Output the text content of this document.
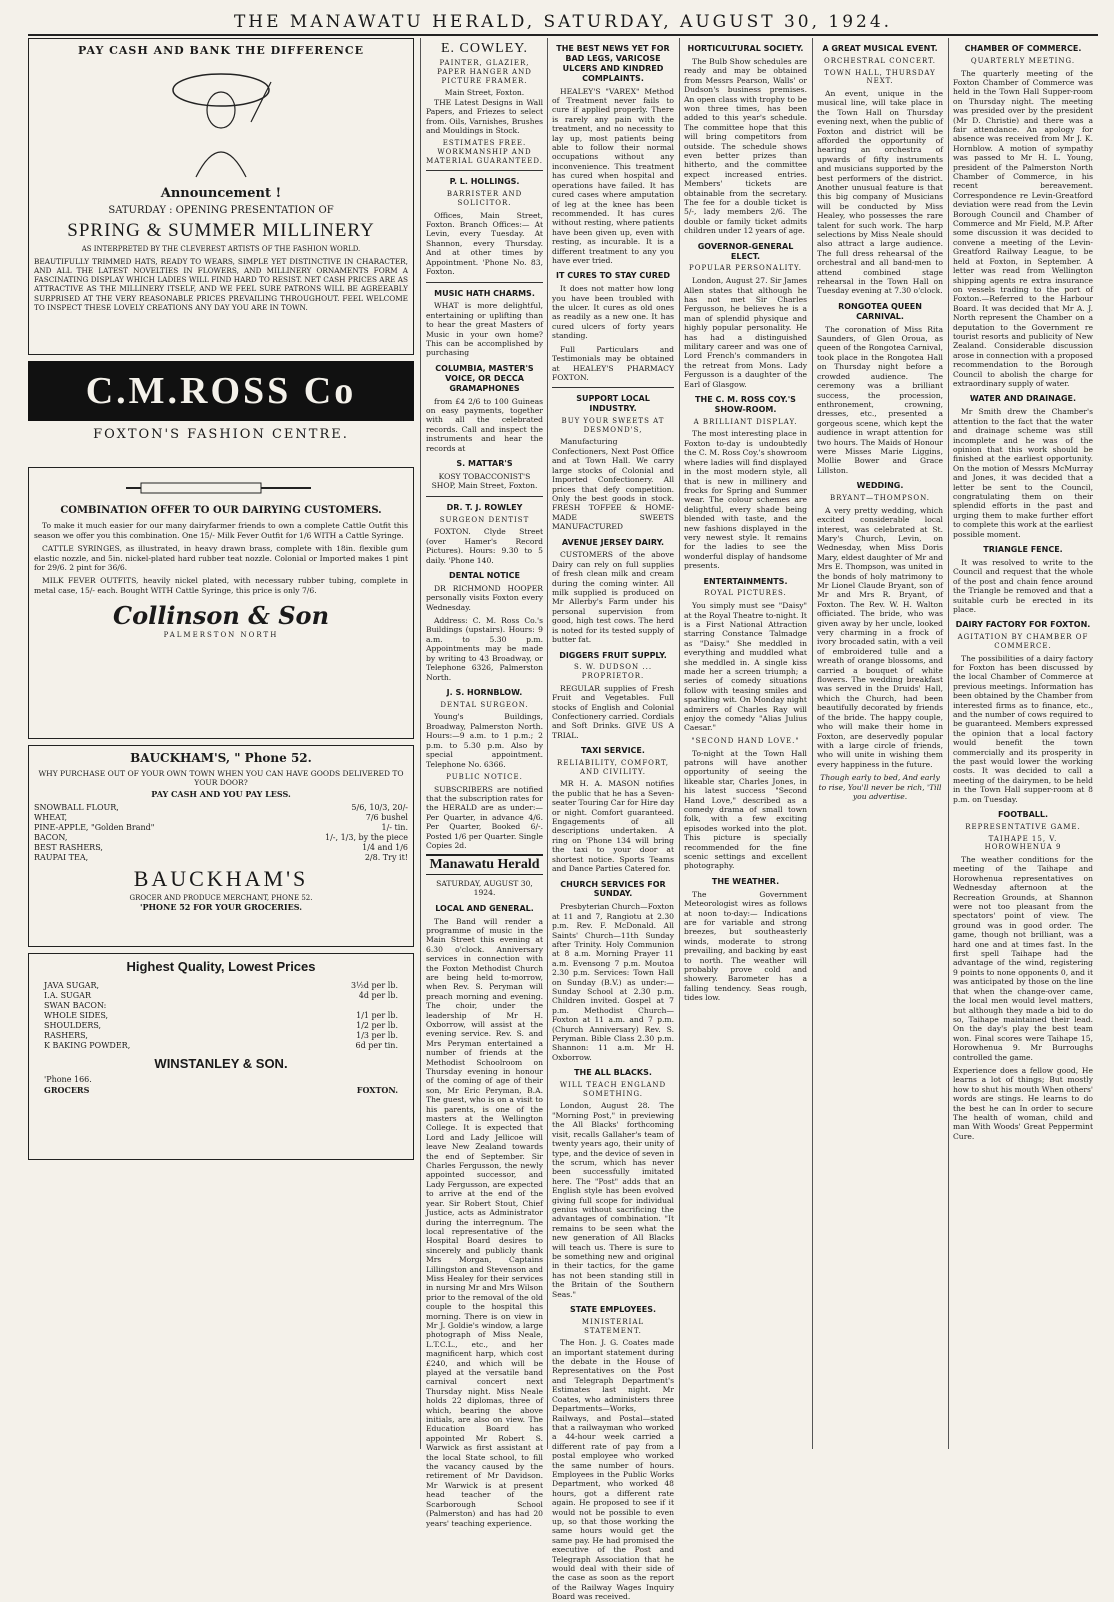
THE MANAWATU HERALD, SATURDAY, AUGUST 30, 1924.
PAY CASH AND BANK THE DIFFERENCE
Announcement !
SATURDAY : OPENING PRESENTATION OF
SPRING & SUMMER MILLINERY
AS INTERPRETED BY THE CLEVEREST ARTISTS OF THE FASHION WORLD.

BEAUTIFULLY TRIMMED HATS, READY TO WEARS, SIMPLE YET DISTINCTIVE IN CHARACTER, AND ALL THE LATEST NOVELTIES IN FLOWERS, AND MILLINERY ORNAMENTS FORM A FASCINATING DISPLAY WHICH LADIES WILL FIND HARD TO RESIST. NET CASH PRICES ARE AS ATTRACTIVE AS THE MILLINERY ITSELF, AND WE FEEL SURE PATRONS WILL BE AGREEABLY SURPRISED AT THE VERY REASONABLE PRICES PREVAILING THROUGHOUT. FEEL WELCOME TO INSPECT THESE LOVELY CREATIONS ANY DAY YOU ARE IN TOWN.

C.M.ROSS Co
FOXTON'S FASHION CENTRE.
COMBINATION OFFER TO OUR DAIRYING CUSTOMERS.

To make it much easier for our many dairyfarmer friends to own a complete Cattle Outfit this season we offer you this combination. One 15/- Milk Fever Outfit for 1/6 WITH a Cattle Syringe.

CATTLE SYRINGES, as illustrated, in heavy drawn brass, complete with 18in. flexible gum elastic nozzle, and 5in. nickel-plated hard rubber teat nozzle. Colonial or Imported makes 1 pint for 29/6. 2 pint for 36/6.

MILK FEVER OUTFITS, heavily nickel plated, with necessary rubber tubing, complete in metal case, 15/- each. Bought WITH Cattle Syringe, this price is only 7/6.

Collinson & Son
PALMERSTON NORTH
BAUCKHAM'S, " Phone 52.
WHY PURCHASE OUT OF YOUR OWN TOWN WHEN YOU CAN HAVE GOODS DELIVERED TO YOUR DOOR?
PAY CASH AND YOU PAY LESS.
SNOWBALL FLOUR,	5/6, 10/3, 20/-
WHEAT,	7/6 bushel
PINE-APPLE, "Golden Brand"	1/- tin.
BACON,	1/-, 1/3, by the piece
BEST RASHERS,	1/4 and 1/6
RAUPAI TEA,	2/8. Try it!
BAUCKHAM'S
GROCER AND PRODUCE MERCHANT, PHONE 52.
'PHONE 52 FOR YOUR GROCERIES.
Highest Quality, Lowest Prices
JAVA SUGAR,	3½d per lb.
I.A. SUGAR	4d per lb.
SWAN BACON:
WHOLE SIDES,	1/1 per lb.
SHOULDERS,	1/2 per lb.
RASHERS,	1/3 per lb.
K BAKING POWDER,	6d per tin.
WINSTANLEY & SON.
'Phone 166.
GROCERS	FOXTON.
E. COWLEY.
PAINTER, GLAZIER, PAPER HANGER AND PICTURE FRAMER.
Main Street, Foxton.

THE Latest Designs in Wall Papers, and Friezes to select from. Oils, Varnishes, Brushes and Mouldings in Stock.

ESTIMATES FREE. WORKMANSHIP AND MATERIAL GUARANTEED.
P. L. HOLLINGS.
BARRISTER AND SOLICITOR.

Offices, Main Street, Foxton. Branch Offices:— At Levin, every Tuesday. At Shannon, every Thursday. And at other times by Appointment. 'Phone No. 83, Foxton.

MUSIC HATH CHARMS.

WHAT is more delightful, entertaining or uplifting than to hear the great Masters of Music in your own home? This can be accomplished by purchasing

COLUMBIA, MASTER'S VOICE, OR DECCA GRAMAPHONES

from £4 2/6 to 100 Guineas on easy payments, together with all the celebrated records. Call and inspect the instruments and hear the records at

S. MATTAR'S
KOSY TOBACCONIST'S SHOP, Main Street, Foxton.
DR. T. J. ROWLEY
SURGEON DENTIST

FOXTON. Clyde Street (over Hamer's Record Pictures). Hours: 9.30 to 5 daily. 'Phone 140.

DENTAL NOTICE

DR RICHMOND HOOPER personally visits Foxton every Wednesday.

Address: C. M. Ross Co.'s Buildings (upstairs). Hours: 9 a.m. to 5.30 p.m. Appointments may be made by writing to 43 Broadway, or Telephone 6326, Palmerston North.

J. S. HORNBLOW.
DENTAL SURGEON.

Young's Buildings, Broadway, Palmerston North. Hours:—9 a.m. to 1 p.m.; 2 p.m. to 5.30 p.m. Also by special appointment. Telephone No. 6366.

PUBLIC NOTICE.

SUBSCRIBERS are notified that the subscription rates for the HERALD are as under:— Per Quarter, in advance 4/6. Per Quarter, Booked 6/-. Posted 1/6 per Quarter. Single Copies 2d.

Manawatu Herald
SATURDAY, AUGUST 30, 1924.
LOCAL AND GENERAL.

The Band will render a programme of music in the Main Street this evening at 6.30 o'clock. Anniversary services in connection with the Foxton Methodist Church are being held to-morrow, when Rev. S. Peryman will preach morning and evening. The choir, under the leadership of Mr H. Oxborrow, will assist at the evening service. Rev. S. and Mrs Peryman entertained a number of friends at the Methodist Schoolroom on Thursday evening in honour of the coming of age of their son, Mr Eric Peryman, B.A. The guest, who is on a visit to his parents, is one of the masters at the Wellington College. It is expected that Lord and Lady Jellicoe will leave New Zealand towards the end of September. Sir Charles Fergusson, the newly appointed successor, and Lady Fergusson, are expected to arrive at the end of the year. Sir Robert Stout, Chief Justice, acts as Administrator during the interregnum. The local representative of the Hospital Board desires to sincerely and publicly thank Mrs Morgan, Captains Lillingston and Stevenson and Miss Healey for their services in nursing Mr and Mrs Wilson prior to the removal of the old couple to the hospital this morning. There is on view in Mr J. Goldie's window, a large photograph of Miss Neale, L.T.C.L., etc., and her magnificent harp, which cost £240, and which will be played at the versatile band carnival concert next Thursday night. Miss Neale holds 22 diplomas, three of which, bearing the above initials, are also on view. The Education Board has appointed Mr Robert S. Warwick as first assistant at the local State school, to fill the vacancy caused by the retirement of Mr Davidson. Mr Warwick is at present head teacher of the Scarborough School (Palmerston) and has had 20 years' teaching experience.

THE BEST NEWS YET FOR BAD LEGS, VARICOSE ULCERS AND KINDRED COMPLAINTS.

HEALEY'S "VAREX" Method of Treatment never fails to cure if applied properly. There is rarely any pain with the treatment, and no necessity to lay up, most patients being able to follow their normal occupations without any inconvenience. This treatment has cured when hospital and operations have failed. It has cured cases where amputation of leg at the knee has been recommended. It has cures without resting, where patients have been given up, even with resting, as incurable. It is a different treatment to any you have ever tried.

IT CURES TO STAY CURED

It does not matter how long you have been troubled with the ulcer. It cures as old ones as readily as a new one. It has cured ulcers of forty years standing.

Full Particulars and Testimonials may be obtained at HEALEY'S PHARMACY FOXTON.

SUPPORT LOCAL INDUSTRY.
BUY YOUR SWEETS AT DESMOND'S,

Manufacturing Confectioners, Next Post Office and at Town Hall. We carry large stocks of Colonial and Imported Confectionery. All prices that defy competition. Only the best goods in stock. FRESH TOFFEE & HOME-MADE SWEETS MANUFACTURED

AVENUE JERSEY DAIRY.

CUSTOMERS of the above Dairy can rely on full supplies of fresh clean milk and cream during the coming winter. All milk supplied is produced on Mr Allerby's Farm under his personal supervision from good, high test cows. The herd is noted for its tested supply of butter fat.

DIGGERS FRUIT SUPPLY.
S. W. DUDSON ... PROPRIETOR.

REGULAR supplies of Fresh Fruit and Vegetables. Full stocks of English and Colonial Confectionery carried. Cordials and Soft Drinks. GIVE US A TRIAL.

TAXI SERVICE.
RELIABILITY, COMFORT, AND CIVILITY.

MR H. A. MASON notifies the public that he has a Seven-seater Touring Car for Hire day or night. Comfort guaranteed. Engagements of all descriptions undertaken. A ring on 'Phone 134 will bring the taxi to your door at shortest notice. Sports Teams and Dance Parties Catered for.

CHURCH SERVICES FOR SUNDAY.

Presbyterian Church—Foxton at 11 and 7, Rangiotu at 2.30 p.m. Rev. F. McDonald. All Saints' Church—11th Sunday after Trinity. Holy Communion at 8 a.m. Morning Prayer 11 a.m. Evensong 7 p.m. Moutoa 2.30 p.m. Services: Town Hall on Sunday (B.V.) as under:—Sunday School at 2.30 p.m. Children invited. Gospel at 7 p.m. Methodist Church—Foxton at 11 a.m. and 7 p.m. (Church Anniversary) Rev. S. Peryman. Bible Class 2.30 p.m. Shannon: 11 a.m. Mr H. Oxborrow.

THE ALL BLACKS.
WILL TEACH ENGLAND SOMETHING.

London, August 28. The "Morning Post," in previewing the All Blacks' forthcoming visit, recalls Gallaher's team of twenty years ago, their unity of type, and the device of seven in the scrum, which has never been successfully imitated here. The "Post" adds that an English style has been evolved giving full scope for individual genius without sacrificing the advantages of combination. "It remains to be seen what the new generation of All Blacks will teach us. There is sure to be something new and original in their tactics, for the game has not been standing still in the Britain of the Southern Seas."

STATE EMPLOYEES.
MINISTERIAL STATEMENT.

The Hon. J. G. Coates made an important statement during the debate in the House of Representatives on the Post and Telegraph Department's Estimates last night. Mr Coates, who administers three Departments—Works, Railways, and Postal—stated that a railwayman who worked a 44-hour week carried a different rate of pay from a postal employee who worked the same number of hours. Employees in the Public Works Department, who worked 48 hours, got a different rate again. He proposed to see if it would not be possible to even up, so that those working the same hours would get the same pay. He had promised the executive of the Post and Telegraph Association that he would deal with their side of the case as soon as the report of the Railway Wages Inquiry Board was received.

HORTICULTURAL SOCIETY.

The Bulb Show schedules are ready and may be obtained from Messrs Pearson, Walls' or Dudson's business premises. An open class with trophy to be won three times, has been added to this year's schedule. The committee hope that this will bring competitors from outside. The schedule shows even better prizes than hitherto, and the committee expect increased entries. Members' tickets are obtainable from the secretary. The fee for a double ticket is 5/-, lady members 2/6. The double or family ticket admits children under 12 years of age.

GOVERNOR-GENERAL ELECT.
POPULAR PERSONALITY.

London, August 27. Sir James Allen states that although he has not met Sir Charles Fergusson, he believes he is a man of splendid physique and highly popular personality. He has had a distinguished military career and was one of Lord French's commanders in the retreat from Mons. Lady Fergusson is a daughter of the Earl of Glasgow.

THE C. M. ROSS COY.'S SHOW-ROOM.
A BRILLIANT DISPLAY.

The most interesting place in Foxton to-day is undoubtedly the C. M. Ross Coy.'s showroom where ladies will find displayed in the most modern style, all that is new in millinery and frocks for Spring and Summer wear. The colour schemes are delightful, every shade being blended with taste, and the new fashions displayed in the very newest style. It remains for the ladies to see the wonderful display of handsome presents.

ENTERTAINMENTS.
ROYAL PICTURES.

You simply must see "Daisy" at the Royal Theatre to-night. It is a First National Attraction starring Constance Talmadge as "Daisy." She meddled in everything and muddled what she meddled in. A single kiss made her a screen triumph; a series of comedy situations follow with teasing smiles and sparkling wit. On Monday night admirers of Charles Ray will enjoy the comedy "Alias Julius Caesar."

"SECOND HAND LOVE."

To-night at the Town Hall patrons will have another opportunity of seeing the likeable star, Charles Jones, in his latest success "Second Hand Love," described as a comedy drama of small town folk, with a few exciting episodes worked into the plot. This picture is specially recommended for the fine scenic settings and excellent photography.

THE WEATHER.

The Government Meteorologist wires as follows at noon to-day:— Indications are for variable and strong breezes, but southeasterly winds, moderate to strong prevailing, and backing by east to north. The weather will probably prove cold and showery. Barometer has a falling tendency. Seas rough, tides low.

A GREAT MUSICAL EVENT.
ORCHESTRAL CONCERT.
TOWN HALL, THURSDAY NEXT.

An event, unique in the musical line, will take place in the Town Hall on Thursday evening next, when the public of Foxton and district will be afforded the opportunity of hearing an orchestra of upwards of fifty instruments and musicians supported by the best performers of the district. Another unusual feature is that this big company of Musicians will be conducted by Miss Healey, who possesses the rare talent for such work. The harp selections by Miss Neale should also attract a large audience. The full dress rehearsal of the orchestral and all band-men to attend combined stage rehearsal in the Town Hall on Tuesday evening at 7.30 o'clock.

RONGOTEA QUEEN CARNIVAL.

The coronation of Miss Rita Saunders, of Glen Oroua, as queen of the Rongotea Carnival, took place in the Rongotea Hall on Thursday night before a crowded audience. The ceremony was a brilliant success, the procession, enthronement, crowning, dresses, etc., presented a gorgeous scene, which kept the audience in wrapt attention for two hours. The Maids of Honour were Misses Marie Liggins, Mollie Bower and Grace Lillston.

WEDDING.
BRYANT—THOMPSON.

A very pretty wedding, which excited considerable local interest, was celebrated at St. Mary's Church, Levin, on Wednesday, when Miss Doris Mary, eldest daughter of Mr and Mrs E. Thompson, was united in the bonds of holy matrimony to Mr Lionel Claude Bryant, son of Mr and Mrs R. Bryant, of Foxton. The Rev. W. H. Walton officiated. The bride, who was given away by her uncle, looked very charming in a frock of ivory brocaded satin, with a veil of embroidered tulle and a wreath of orange blossoms, and carried a bouquet of white flowers. The wedding breakfast was served in the Druids' Hall, which the Church, had been beautifully decorated by friends of the bride. The happy couple, who will make their home in Foxton, are deservedly popular with a large circle of friends, who will unite in wishing them every happiness in the future.

Though early to bed, And early to rise, You'll never be rich, 'Till you advertise.

CHAMBER OF COMMERCE.
QUARTERLY MEETING.

The quarterly meeting of the Foxton Chamber of Commerce was held in the Town Hall Supper-room on Thursday night. The meeting was presided over by the president (Mr D. Christie) and there was a fair attendance. An apology for absence was received from Mr J. K. Hornblow. A motion of sympathy was passed to Mr H. L. Young, president of the Palmerston North Chamber of Commerce, in his recent bereavement. Correspondence re Levin-Greatford deviation were read from the Levin Borough Council and Chamber of Commerce and Mr Field, M.P. After some discussion it was decided to convene a meeting of the Levin-Greatford Railway League, to be held at Foxton, in September. A letter was read from Wellington shipping agents re extra insurance on vessels trading to the port of Foxton.—Referred to the Harbour Board. It was decided that Mr A. J. North represent the Chamber on a deputation to the Government re tourist resorts and publicity of New Zealand. Considerable discussion arose in connection with a proposed recommendation to the Borough Council to abolish the charge for extraordinary supply of water.

WATER AND DRAINAGE.

Mr Smith drew the Chamber's attention to the fact that the water and drainage scheme was still incomplete and he was of the opinion that this work should be finished at the earliest opportunity. On the motion of Messrs McMurray and Jones, it was decided that a letter be sent to the Council, congratulating them on their splendid efforts in the past and urging them to make further effort to complete this work at the earliest possible moment.

TRIANGLE FENCE.

It was resolved to write to the Council and request that the whole of the post and chain fence around the Triangle be removed and that a suitable curb be erected in its place.

DAIRY FACTORY FOR FOXTON.
AGITATION BY CHAMBER OF COMMERCE.

The possibilities of a dairy factory for Foxton has been discussed by the local Chamber of Commerce at previous meetings. Information has been obtained by the Chamber from interested firms as to finance, etc., and the number of cows required to be guaranteed. Members expressed the opinion that a local factory would benefit the town commercially and its prosperity in the past would lower the working costs. It was decided to call a meeting of the dairymen, to be held in the Town Hall supper-room at 8 p.m. on Tuesday.

FOOTBALL.
REPRESENTATIVE GAME.
TAIHAPE 15, V. HOROWHENUA 9

The weather conditions for the meeting of the Taihape and Horowhenua representatives on Wednesday afternoon at the Recreation Grounds, at Shannon were not too pleasant from the spectators' point of view. The ground was in good order. The game, though not brilliant, was a hard one and at times fast. In the first spell Taihape had the advantage of the wind, registering 9 points to none opponents 0, and it was anticipated by those on the line that when the change-over came, the local men would level matters, but although they made a bid to do so, Taihape maintained their lead. On the day's play the best team won. Final scores were Taihape 15, Horowhenua 9. Mr Burroughs controlled the game.

Experience does a fellow good, He learns a lot of things; But mostly how to shut his mouth When others' words are stings. He learns to do the best he can In order to secure The health of woman, child and man With Woods' Great Peppermint Cure.
